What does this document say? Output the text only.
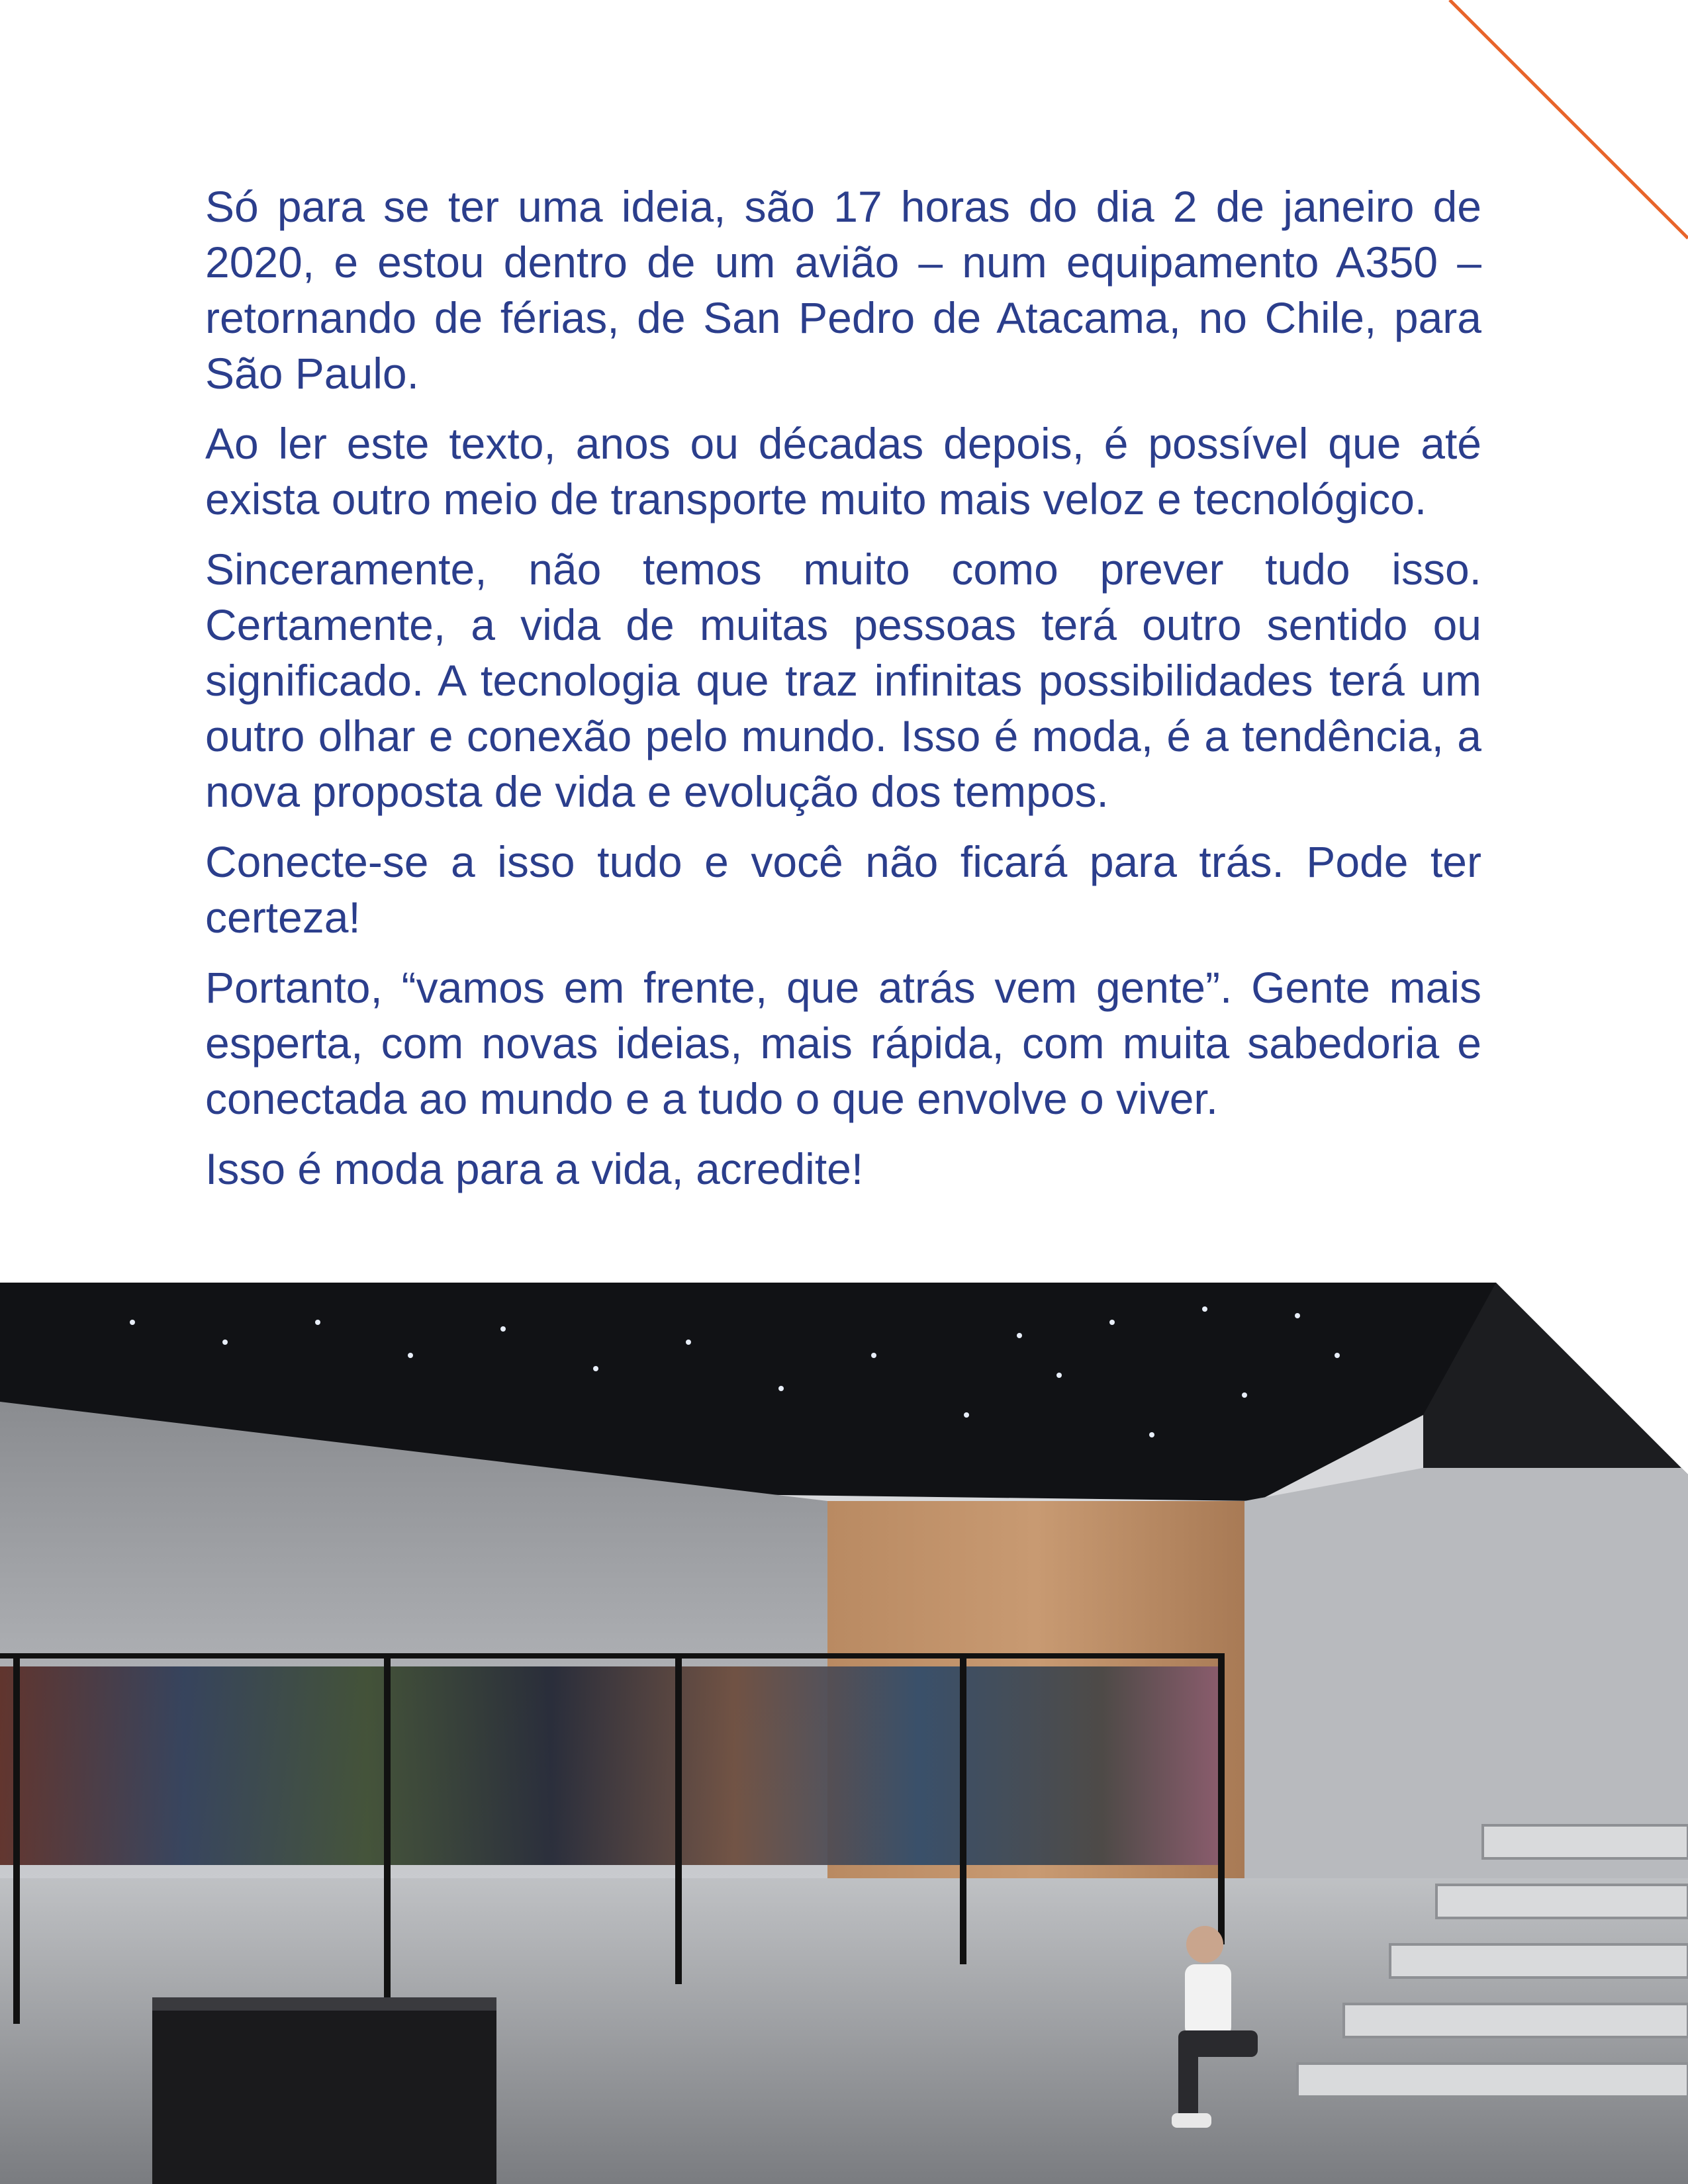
Só para se ter uma ideia, são 17 horas do dia 2 de janeiro de 2020, e estou dentro de um avião – num equipamento A350 – retornando de férias, de San Pedro de Atacama, no Chile, para São Paulo.

Ao ler este texto, anos ou décadas depois, é possível que até exista outro meio de transporte muito mais veloz e tecnológico.

Sinceramente, não temos muito como prever tudo isso. Certamente, a vida de muitas pessoas terá outro sentido ou significado. A tecnologia que traz infinitas possibilidades terá um outro olhar e conexão pelo mundo. Isso é moda, é a tendência, a nova proposta de vida e evolução dos tempos.

Conecte-se a isso tudo e você não ficará para trás. Pode ter certeza!

Portanto, “vamos em frente, que atrás vem gente”. Gente mais esperta, com novas ideias, mais rápida, com muita sabedoria e conectada ao mundo e a tudo o que envolve o viver.

Isso é moda para a vida, acredite!
